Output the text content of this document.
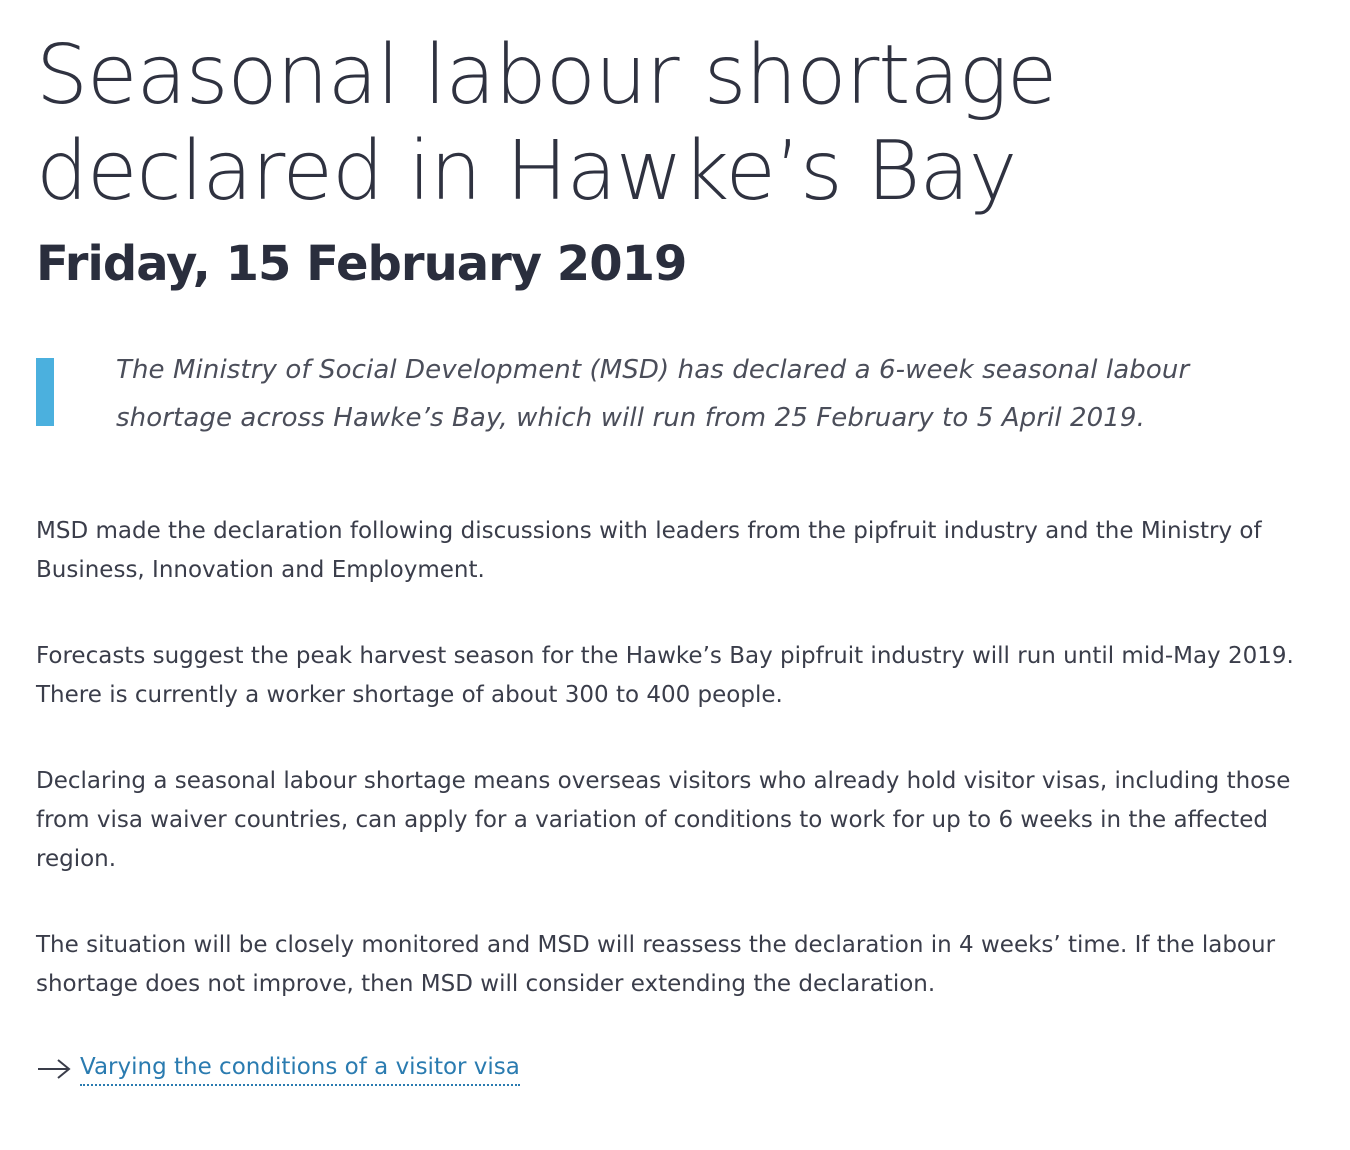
Seasonal labour shortage declared in Hawke’s Bay
Friday, 15 February 2019

The Ministry of Social Development (MSD) has declared a 6-week seasonal labour shortage across Hawke’s Bay, which will run from 25 February to 5 April 2019.

MSD made the declaration following discussions with leaders from the pipfruit industry and the Ministry of Business, Innovation and Employment.

Forecasts suggest the peak harvest season for the Hawke’s Bay pipfruit industry will run until mid-May 2019. There is currently a worker shortage of about 300 to 400 people.

Declaring a seasonal labour shortage means overseas visitors who already hold visitor visas, including those from visa waiver countries, can apply for a variation of conditions to work for up to 6 weeks in the affected region.

The situation will be closely monitored and MSD will reassess the declaration in 4 weeks’ time. If the labour shortage does not improve, then MSD will consider extending the declaration.

Varying the conditions of a visitor visa
